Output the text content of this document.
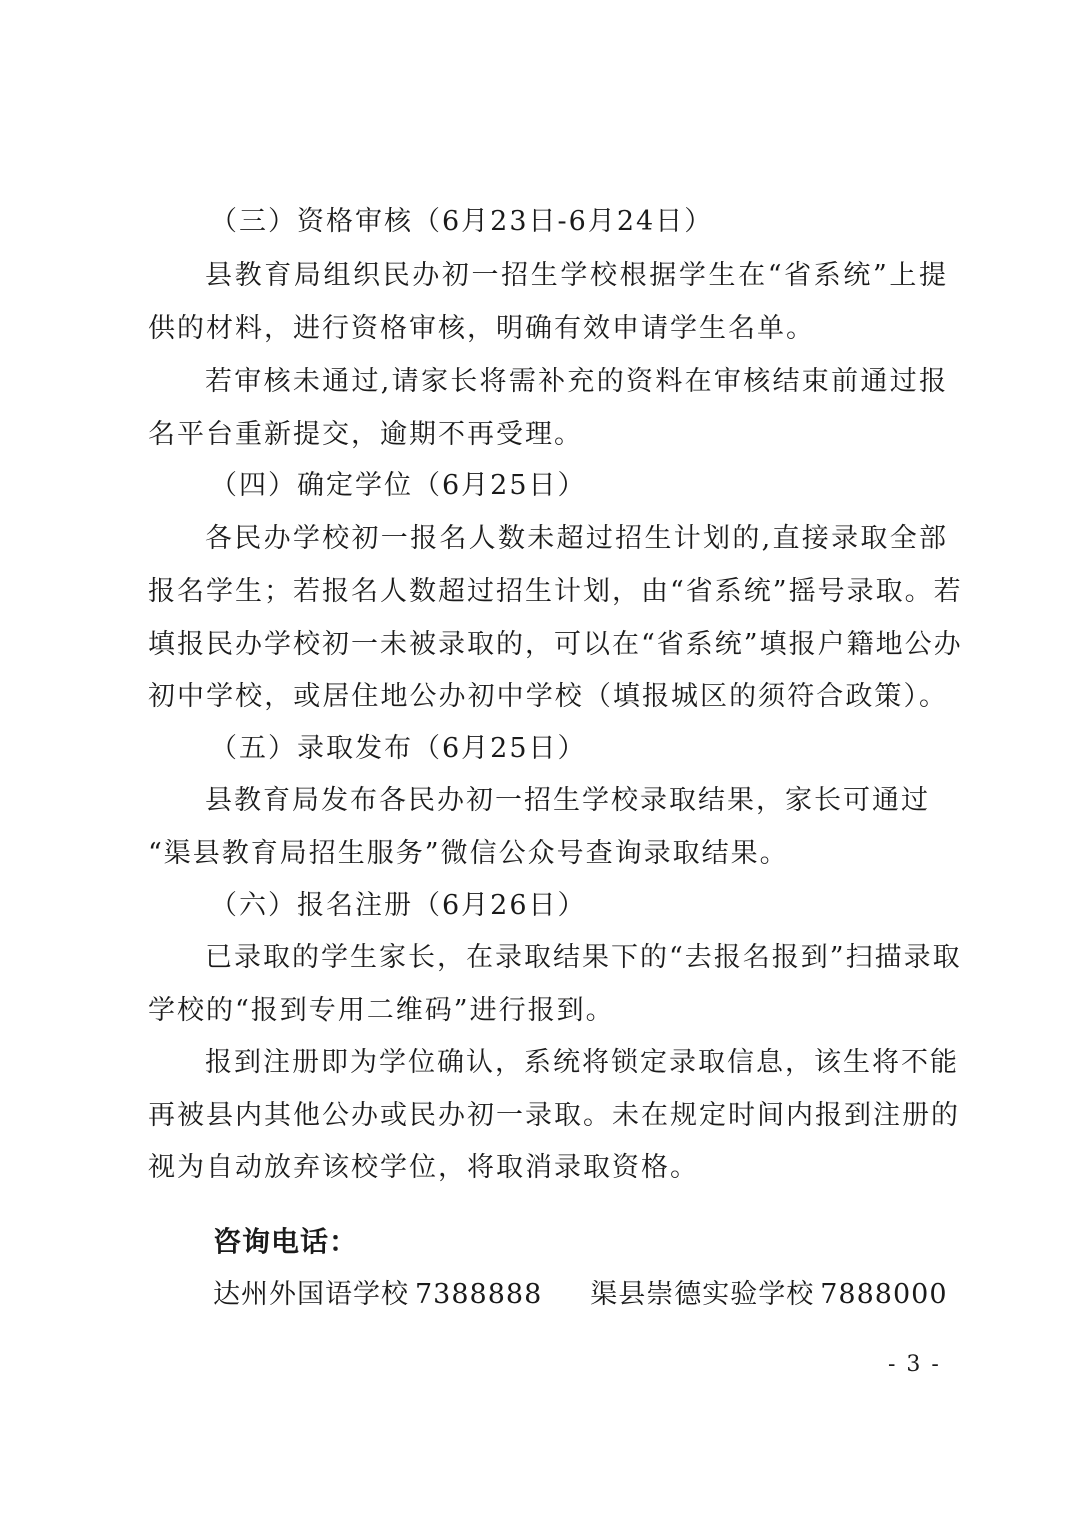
（三）资格审核（6月23日-6月24日）
县教育局组织民办初一招生学校根据学生在“省系统”上提
供的材料，进行资格审核，明确有效申请学生名单。
若审核未通过,请家长将需补充的资料在审核结束前通过报
名平台重新提交，逾期不再受理。
（四）确定学位（6月25日）
各民办学校初一报名人数未超过招生计划的,直接录取全部
报名学生；若报名人数超过招生计划，由“省系统”摇号录取。若
填报民办学校初一未被录取的，可以在“省系统”填报户籍地公办
初中学校，或居住地公办初中学校（填报城区的须符合政策）。
（五）录取发布（6月25日）
县教育局发布各民办初一招生学校录取结果，家长可通过
“渠县教育局招生服务”微信公众号查询录取结果。
（六）报名注册（6月26日）
已录取的学生家长，在录取结果下的“去报名报到”扫描录取
学校的“报到专用二维码”进行报到。
报到注册即为学位确认，系统将锁定录取信息，该生将不能
再被县内其他公办或民办初一录取。未在规定时间内报到注册的
视为自动放弃该校学位，将取消录取资格。
咨询电话：
达州外国语学校 7388888 渠县崇德实验学校 7888000
- 3 -
